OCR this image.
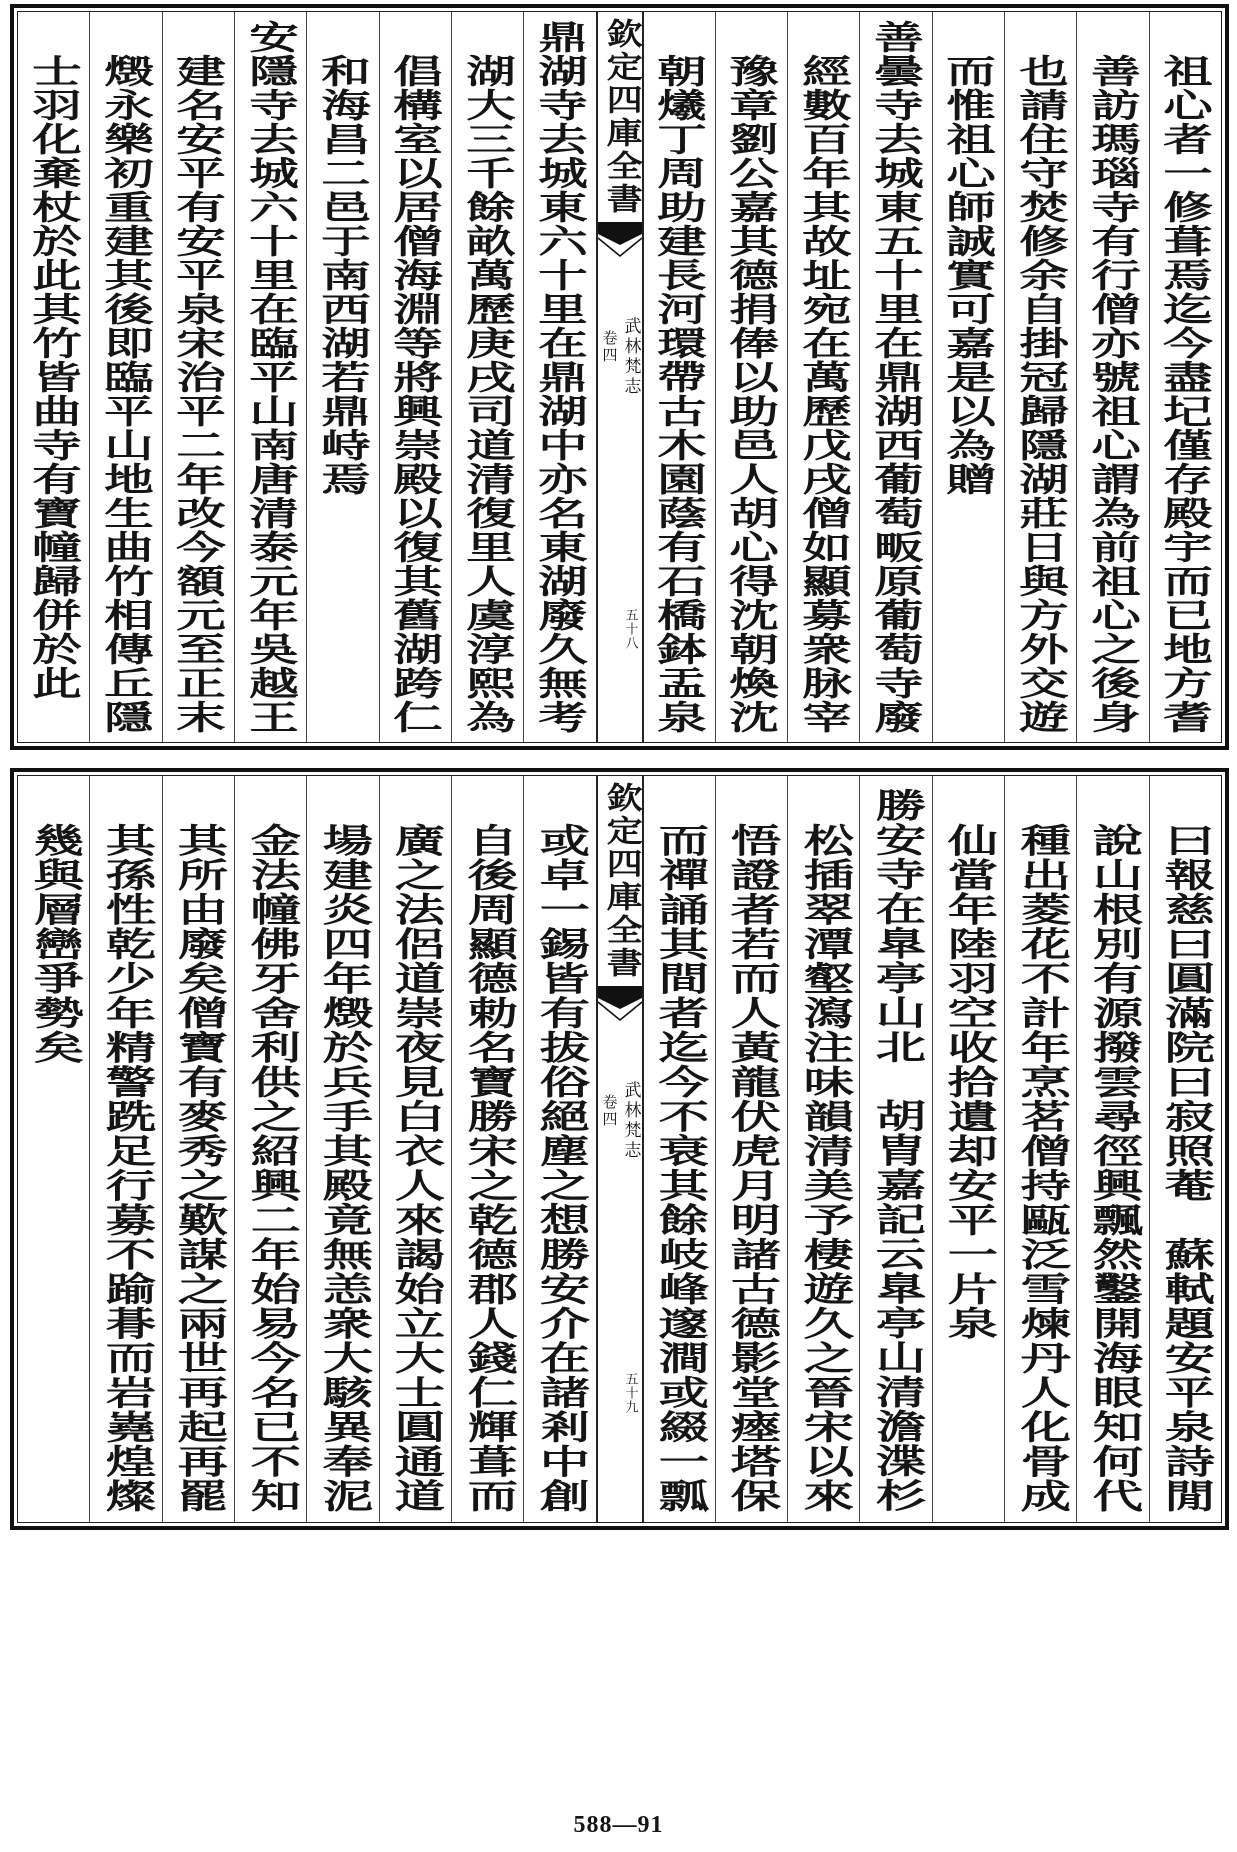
祖心者一修葺焉迄今盡圮僅存殿宇而已地方耆
善訪瑪瑙寺有行僧亦號祖心謂為前祖心之後身
也請住守焚修余自掛冠歸隱湖莊日與方外交遊
而惟祖心師誠實可嘉是以為贈
善曇寺去城東五十里在鼎湖西葡萄畈原葡萄寺廢
經數百年其故址宛在萬歷戊戌僧如顯募衆脉宰
豫章劉公嘉其德捐俸以助邑人胡心得沈朝煥沈
朝爔丁周助建長河環帶古木園蔭有石橋鉢盂泉
欽定四庫全書
武林梵志
卷四
五十八
鼎湖寺去城東六十里在鼎湖中亦名東湖廢久無考
湖大三千餘畝萬歷庚戌司道清復里人虞淳熙為
倡構室以居僧海淵等將興崇殿以復其舊湖跨仁
和海昌二邑于南西湖若鼎峙焉
安隱寺去城六十里在臨平山南唐清泰元年吳越王
建名安平有安平泉宋治平二年改今額元至正末
燬永樂初重建其後即臨平山地生曲竹相傳丘隱
士羽化棄杖於此其竹皆曲寺有寶幢歸併於此
曰報慈曰圓滿院曰寂照菴　蘇軾題安平泉詩閒
說山根別有源撥雲尋徑興飄然鑿開海眼知何代
種出菱花不計年烹茗僧持甌泛雪煉丹人化骨成
仙當年陸羽空收拾遺却安平一片泉
勝安寺在臯亭山北　胡胄嘉記云臯亭山清澹渫杉
松插翠潭壑瀉注味韻清美予棲遊久之晉宋以來
悟證者若而人黃龍伏虎月明諸古德影堂瘞塔保
而禪誦其間者迄今不衰其餘岐峰邃澗或綴一瓢
欽定四庫全書
武林梵志
卷四
五十九
或卓一錫皆有拔俗絕塵之想勝安介在諸剎中創
自後周顯德勅名寶勝宋之乾德郡人錢仁輝葺而
廣之法侶道崇夜見白衣人來謁始立大士圓通道
場建炎四年燬於兵手其殿竟無恙衆大駭異奉泥
金法幢佛牙舍利供之紹興二年始易今名已不知
其所由廢矣僧寶有麥秀之歎謀之兩世再起再罷
其孫性乾少年精警跣足行募不踰朞而岩嶤煌燦
幾與層巒爭勢矣
588—91
